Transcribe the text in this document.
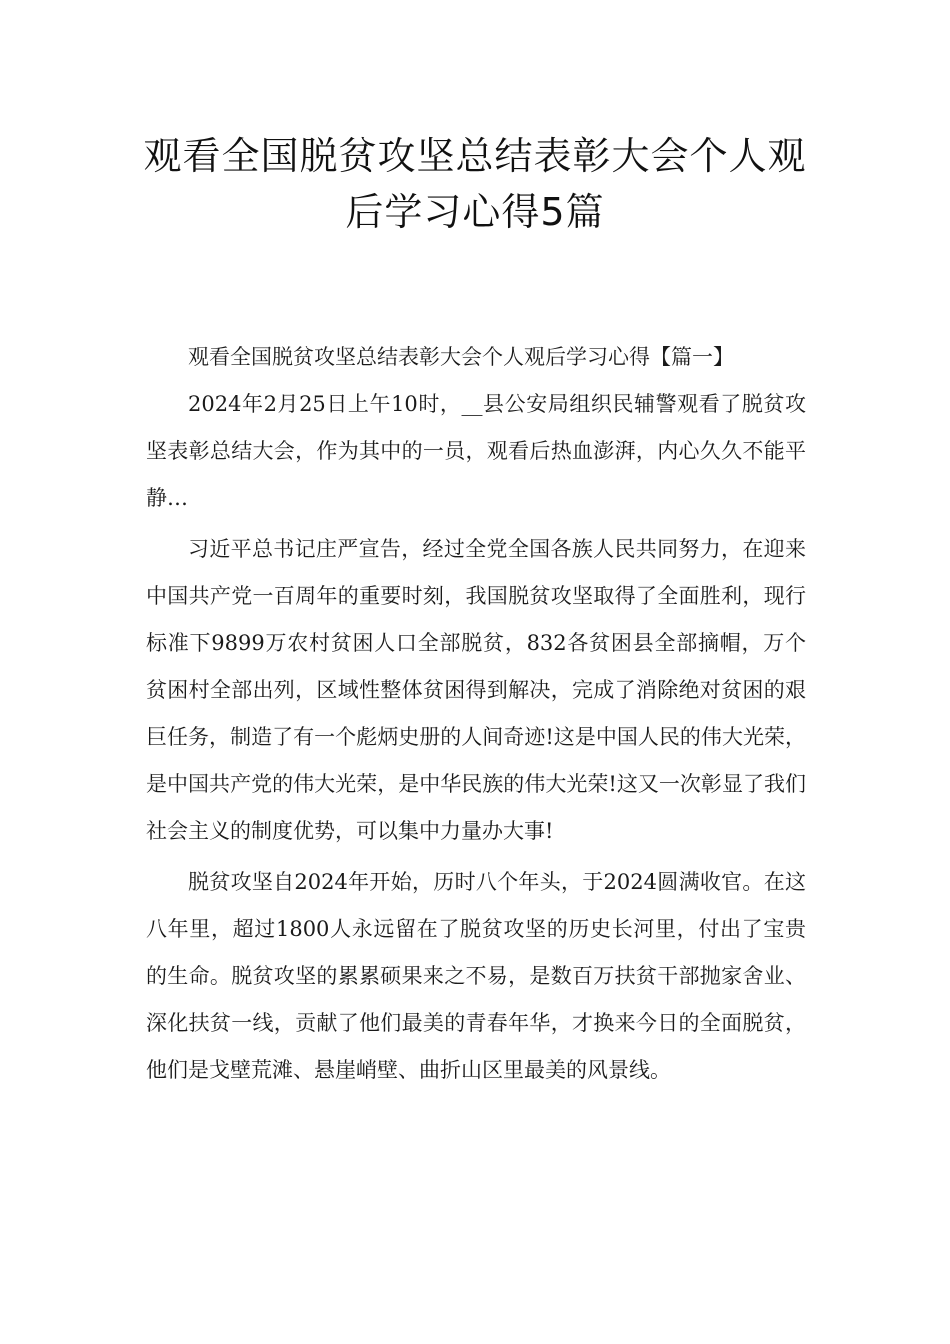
观看全国脱贫攻坚总结表彰大会个人观
后学习心得5篇

观看全国脱贫攻坚总结表彰大会个人观后学习心得【篇一】

2024年2月25日上午10时，__县公安局组织民辅警观看了脱贫攻坚表彰总结大会，作为其中的一员，观看后热血澎湃，内心久久不能平静…

习近平总书记庄严宣告，经过全党全国各族人民共同努力，在迎来中国共产党一百周年的重要时刻，我国脱贫攻坚取得了全面胜利，现行标准下9899万农村贫困人口全部脱贫，832各贫困县全部摘帽，万个贫困村全部出列，区域性整体贫困得到解决，完成了消除绝对贫困的艰巨任务，制造了有一个彪炳史册的人间奇迹!这是中国人民的伟大光荣，是中国共产党的伟大光荣，是中华民族的伟大光荣!这又一次彰显了我们社会主义的制度优势，可以集中力量办大事!

脱贫攻坚自2024年开始，历时八个年头，于2024圆满收官。在这八年里，超过1800人永远留在了脱贫攻坚的历史长河里，付出了宝贵的生命。脱贫攻坚的累累硕果来之不易，是数百万扶贫干部抛家舍业、深化扶贫一线，贡献了他们最美的青春年华，才换来今日的全面脱贫，他们是戈壁荒滩、悬崖峭壁、曲折山区里最美的风景线。
